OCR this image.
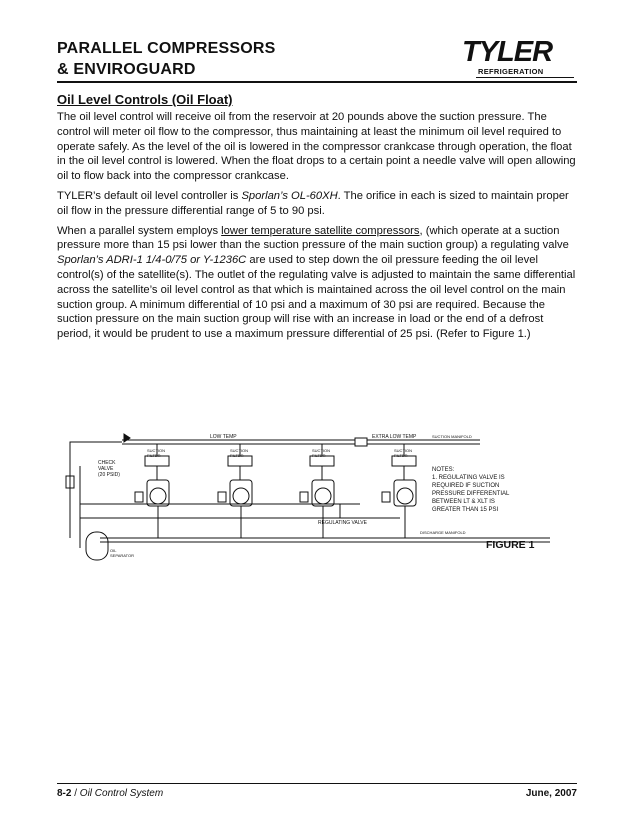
PARALLEL COMPRESSORS
& ENVIROGUARD
TYLER
REFRIGERATION
Oil Level Controls (Oil Float)

The oil level control will receive oil from the reservoir at 20 pounds above the suction pressure. The control will meter oil flow to the compressor, thus maintaining at least the minimum oil level required to operate safely. As the level of the oil is lowered in the compressor crankcase through operation, the float in the oil level control is lowered. When the float drops to a certain point a needle valve will open allowing oil to flow back into the compressor crankcase.

TYLER’s default oil level controller is Sporlan’s OL-60XH. The orifice in each is sized to maintain proper oil flow in the pressure differential range of 5 to 90 psi.

When a parallel system employs lower temperature satellite compressors, (which operate at a suction pressure more than 15 psi lower than the suction pressure of the main suction group) a regulating valve Sporlan’s ADRI-1 1/4-0/75 or Y-1236C are used to step down the oil pressure feeding the oil level control(s) of the satellite(s). The outlet of the regulating valve is adjusted to maintain the same differential across the satellite’s oil level control as that which is maintained across the oil level control on the main suction group. A minimum differential of 10 psi and a maximum of 30 psi are required. Because the suction pressure on the main suction group will rise with an increase in load or the end of a defrost period, it would be prudent to use a maximum pressure differential of 25 psi. (Refer to Figure 1.)

SUCTION
FILTER
SUCTION
FILTER
SUCTION
FILTER
SUCTION
FILTER
LOW TEMP	EXTRA LOW TEMP	SUCTION MANIFOLD
CHECK
VALVE
(20 PSID)
REGULATING VALVE
DISCHARGE MANIFOLD
OIL
SEPARATOR
NOTES:
1. REGULATING VALVE IS
REQUIRED IF SUCTION
PRESSURE DIFFERENTIAL
BETWEEN LT & XLT IS
GREATER THAN 15 PSI
FIGURE 1
8-2 / Oil Control System	June, 2007
